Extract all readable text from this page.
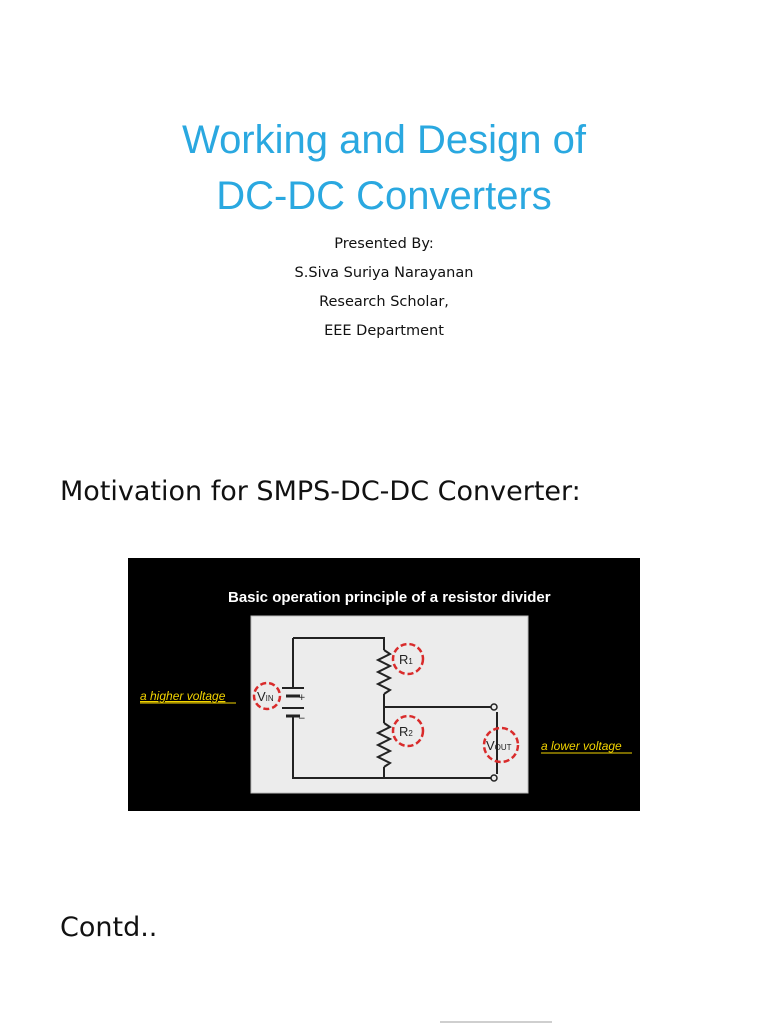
Working and Design of
DC-DC Converters
Presented By:
S.Siva Suriya Narayanan
Research Scholar,
EEE Department
Motivation for SMPS-DC-DC Converter:
Basic operation principle of a resistor divider
+
−
VIN
R1
R2
VOUT
a higher voltage
a lower voltage
Contd..
